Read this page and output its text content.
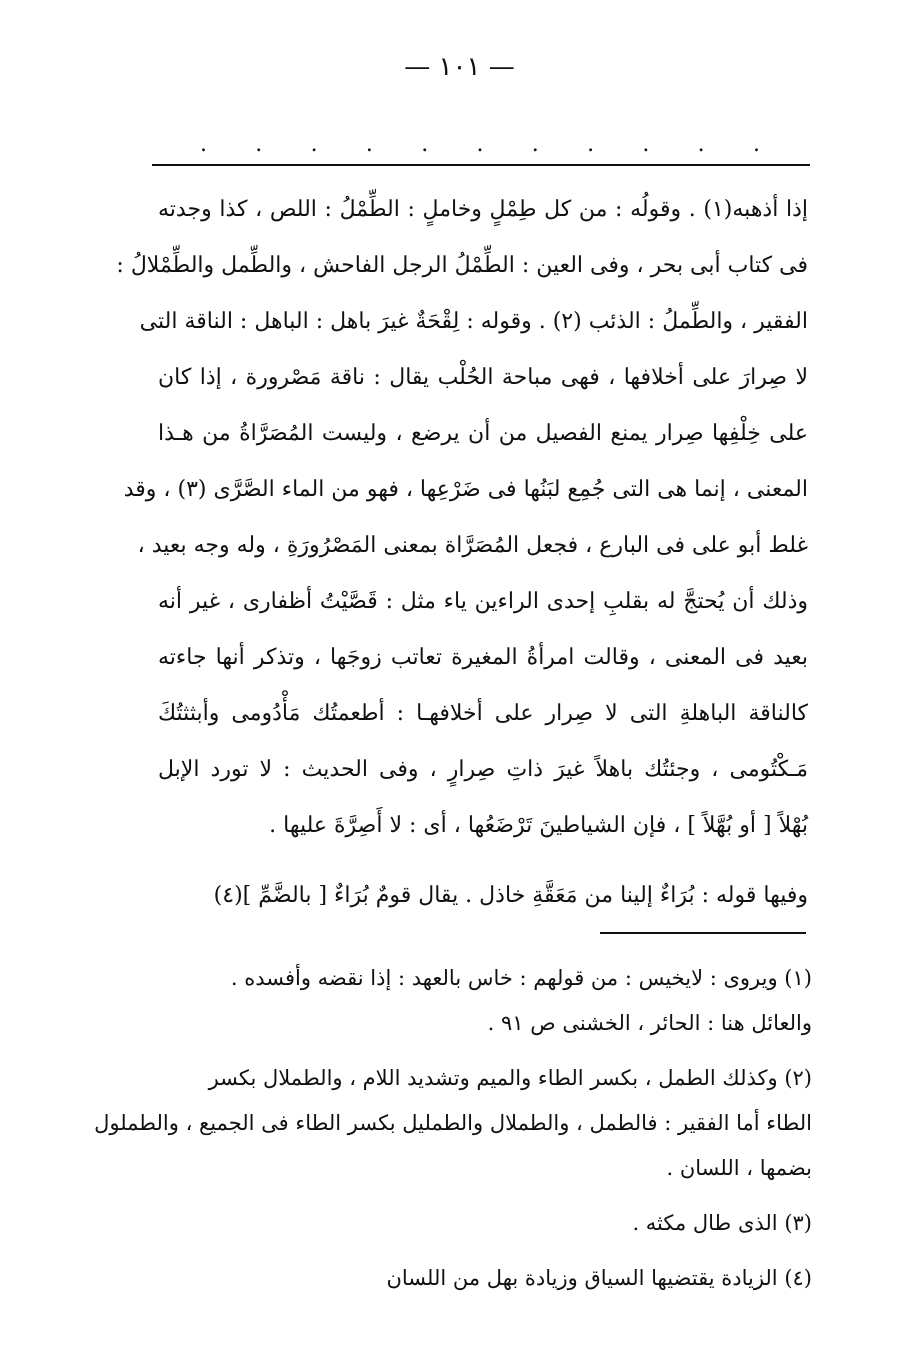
— ١٠١ —
. . . . . . . . . . .
إذا أذهبه(١) . وقولُه : من كل طِمْلٍ وخاملٍ : الطِّمْلُ : اللص ، كذا وجدته
فى كتاب أبى بحر ، وفى العين : الطِّمْلُ الرجل الفاحش ، والطِّمل والطِّمْلالُ :
الفقير ، والطِّملُ : الذئب (٢) . وقوله : لِقْحَةٌ غيرَ باهل : الباهل : الناقة التى
لا صِرارَ على أخلافها ، فهى مباحة الحُلْب يقال : ناقة مَصْرورة ، إذا كان
على خِلْفِها صِرار يمنع الفصيل من أن يرضع ، وليست المُصَرَّاةُ من هـذا
المعنى ، إنما هى التى جُمِع لبَنُها فى ضَرْعِها ، فهو من الماء الصَّرَّى (٣) ، وقد
غلط أبو على فى البارع ، فجعل المُصَرَّاة بمعنى المَصْرُورَةِ ، وله وجه بعيد ،
وذلك أن يُحتجَّ له بقلبِ إحدى الراءين ياء مثل : قَصَّيْتُ أظفارى ، غير أنه
بعيد فى المعنى ، وقالت امرأةُ المغيرة تعاتب زوجَها ، وتذكر أنها جاءته
كالناقة الباهلةِ التى لا صِرار على أخلافهـا : أطعمتُك مَأْدُومى وأبثثتُكَ
مَـكْتُومى ، وجئتُك باهلاً غيرَ ذاتِ صِرارٍ ، وفى الحديث : لا تورد الإبل
بُهْلاً [ أو بُهَّلاً ] ، فإن الشياطينَ تَرْضَعُها ، أى : لا أَصِرَّةَ عليها .
وفيها قوله : بُرَاءٌ إلينا من مَعَقَّةِ خاذل . يقال قومٌ بُرَاءٌ [ بالضَّمِّ ](٤)
(١) ويروى : لايخيس : من قولهم : خاس بالعهد : إذا نقضه وأفسده .
والعائل هنا : الحائر ، الخشنى ص ٩١ .
(٢) وكذلك الطمل ، بكسر الطاء والميم وتشديد اللام ، والطملال بكسر
الطاء أما الفقير : فالطمل ، والطملال والطمليل بكسر الطاء فى الجميع ، والطملول
بضمها ، اللسان .
(٣) الذى طال مكثه .
(٤) الزيادة يقتضيها السياق وزيادة بهل من اللسان
